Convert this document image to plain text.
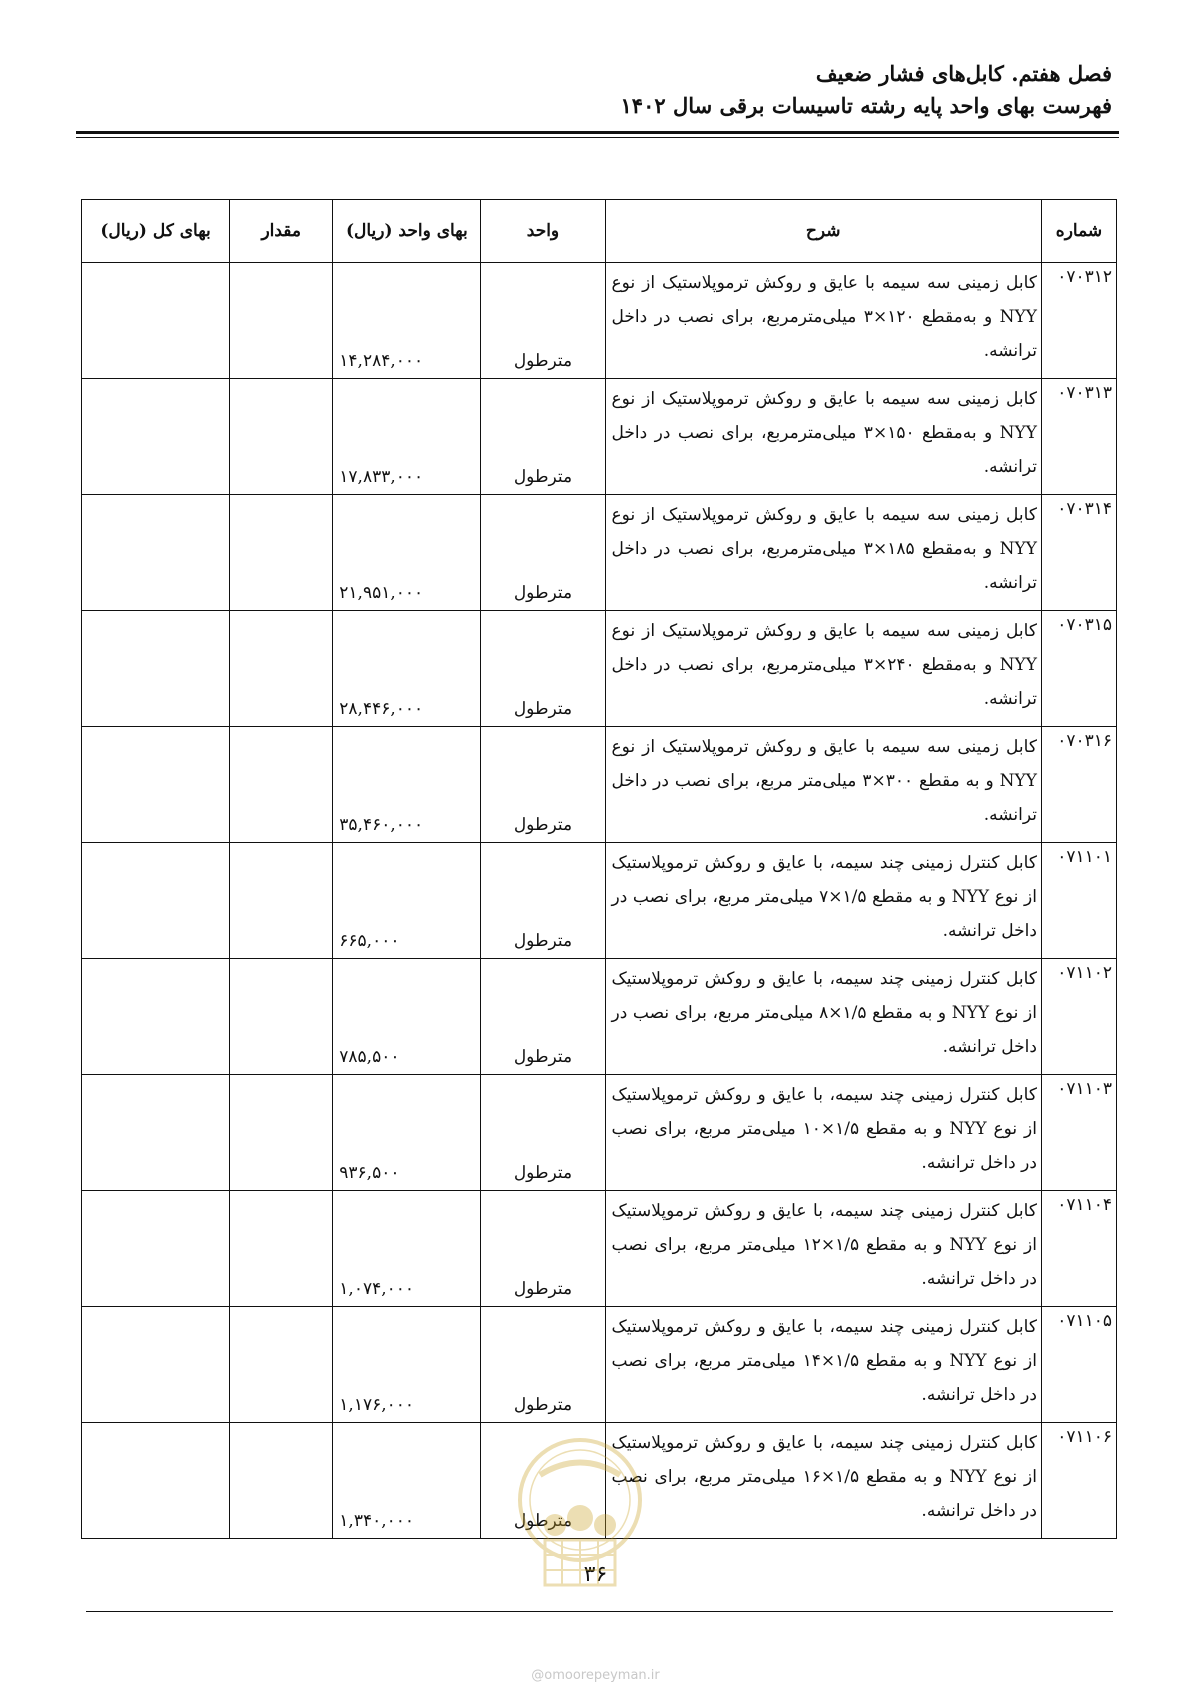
فصل هفتم. کابل‌های فشار ضعیف
فهرست بهای واحد پایه رشته تاسیسات برقی سال ۱۴۰۲
شماره	شرح	واحد	بهای واحد (ریال)	مقدار	بهای کل (ریال)
۰۷۰۳۱۲	کابل زمینی سه سیمه با عایق و روکش ترموپلاستیک از نوع NYY و به‌مقطع ۱۲۰×۳ میلی‌مترمربع، برای نصب در داخل ترانشه.	مترطول	۱۴,۲۸۴,۰۰۰		
۰۷۰۳۱۳	کابل زمینی سه سیمه با عایق و روکش ترموپلاستیک از نوع NYY و به‌مقطع ۱۵۰×۳ میلی‌مترمربع، برای نصب در داخل ترانشه.	مترطول	۱۷,۸۳۳,۰۰۰		
۰۷۰۳۱۴	کابل زمینی سه سیمه با عایق و روکش ترموپلاستیک از نوع NYY و به‌مقطع ۱۸۵×۳ میلی‌مترمربع، برای نصب در داخل ترانشه.	مترطول	۲۱,۹۵۱,۰۰۰		
۰۷۰۳۱۵	کابل زمینی سه سیمه با عایق و روکش ترموپلاستیک از نوع NYY و به‌مقطع ۲۴۰×۳ میلی‌مترمربع، برای نصب در داخل ترانشه.	مترطول	۲۸,۴۴۶,۰۰۰		
۰۷۰۳۱۶	کابل زمینی سه سیمه با عایق و روکش ترموپلاستیک از نوع NYY و به مقطع ۳۰۰×۳ میلی‌متر مربع، برای نصب در داخل ترانشه.	مترطول	۳۵,۴۶۰,۰۰۰		
۰۷۱۱۰۱	کابل کنترل زمینی چند سیمه، با عایق و روکش ترموپلاستیک از نوع NYY و به مقطع ۱/۵×۷ میلی‌متر مربع، برای نصب در داخل ترانشه.	مترطول	۶۶۵,۰۰۰		
۰۷۱۱۰۲	کابل کنترل زمینی چند سیمه، با عایق و روکش ترموپلاستیک از نوع NYY و به مقطع ۱/۵×۸ میلی‌متر مربع، برای نصب در داخل ترانشه.	مترطول	۷۸۵,۵۰۰		
۰۷۱۱۰۳	کابل کنترل زمینی چند سیمه، با عایق و روکش ترموپلاستیک از نوع NYY و به مقطع ۱/۵×۱۰ میلی‌متر مربع، برای نصب در داخل ترانشه.	مترطول	۹۳۶,۵۰۰		
۰۷۱۱۰۴	کابل کنترل زمینی چند سیمه، با عایق و روکش ترموپلاستیک از نوع NYY و به مقطع ۱/۵×۱۲ میلی‌متر مربع، برای نصب در داخل ترانشه.	مترطول	۱,۰۷۴,۰۰۰		
۰۷۱۱۰۵	کابل کنترل زمینی چند سیمه، با عایق و روکش ترموپلاستیک از نوع NYY و به مقطع ۱/۵×۱۴ میلی‌متر مربع، برای نصب در داخل ترانشه.	مترطول	۱,۱۷۶,۰۰۰		
۰۷۱۱۰۶	کابل کنترل زمینی چند سیمه، با عایق و روکش ترموپلاستیک از نوع NYY و به مقطع ۱/۵×۱۶ میلی‌متر مربع، برای نصب در داخل ترانشه.	مترطول	۱,۳۴۰,۰۰۰		
۳۶
@omoorepeyman.ir
